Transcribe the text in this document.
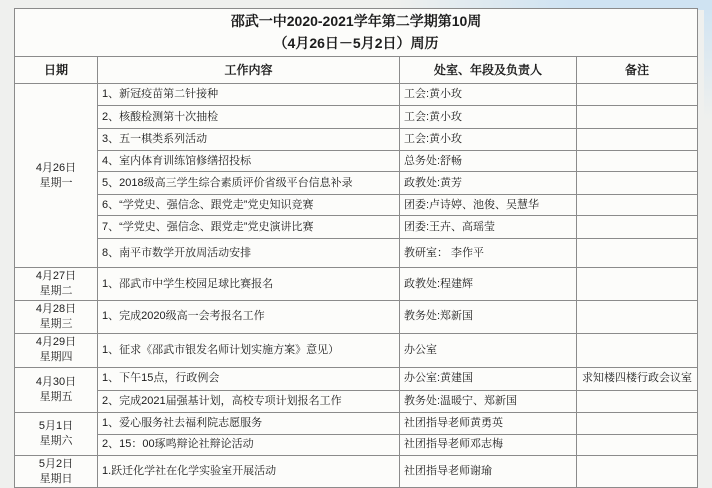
邵武一中2020-2021学年第二学期第10周
（4月26日－5月2日）周历			

日期	工作内容	处室、年段及负责人	备注

4月26日
星期一	1、新冠疫苗第二针接种	工会:黄小玫	
	2、核酸检测第十次抽检	工会:黄小玫	
	3、五一棋类系列活动	工会:黄小玫	
	4、室内体育训练馆修缮招投标	总务处:舒畅	
	5、2018级高三学生综合素质评价省级平台信息补录	政教处:黄芳	
	6、“学党史、强信念、跟党走”党史知识竞赛	团委:卢诗婷、池俊、吴慧华	
	7、“学党史、强信念、跟党走”党史演讲比赛	团委:王卉、高瑶莹	
	8、南平市数学开放周活动安排	教研室： 李作平	

4月27日
星期二	1、邵武市中学生校园足球比赛报名	政教处:程建辉	

4月28日
星期三	1、完成2020级高一会考报名工作	教务处:郑新国	

4月29日
星期四	1、征求《邵武市银发名师计划实施方案》意见）	办公室	

4月30日
星期五	1、下午15点，行政例会	办公室:黄建国	求知楼四楼行政会议室
	2、完成2021届强基计划，高校专项计划报名工作	教务处:温暖宁、郑新国	

5月1日
星期六	1、爱心服务社去福利院志愿服务	社团指导老师黄勇英	
	2、15：00琢鸣辩论社辩论活动	社团指导老师邓志梅	

5月2日
星期日	1.跃迁化学社在化学实验室开展活动	社团指导老师谢瑜	
